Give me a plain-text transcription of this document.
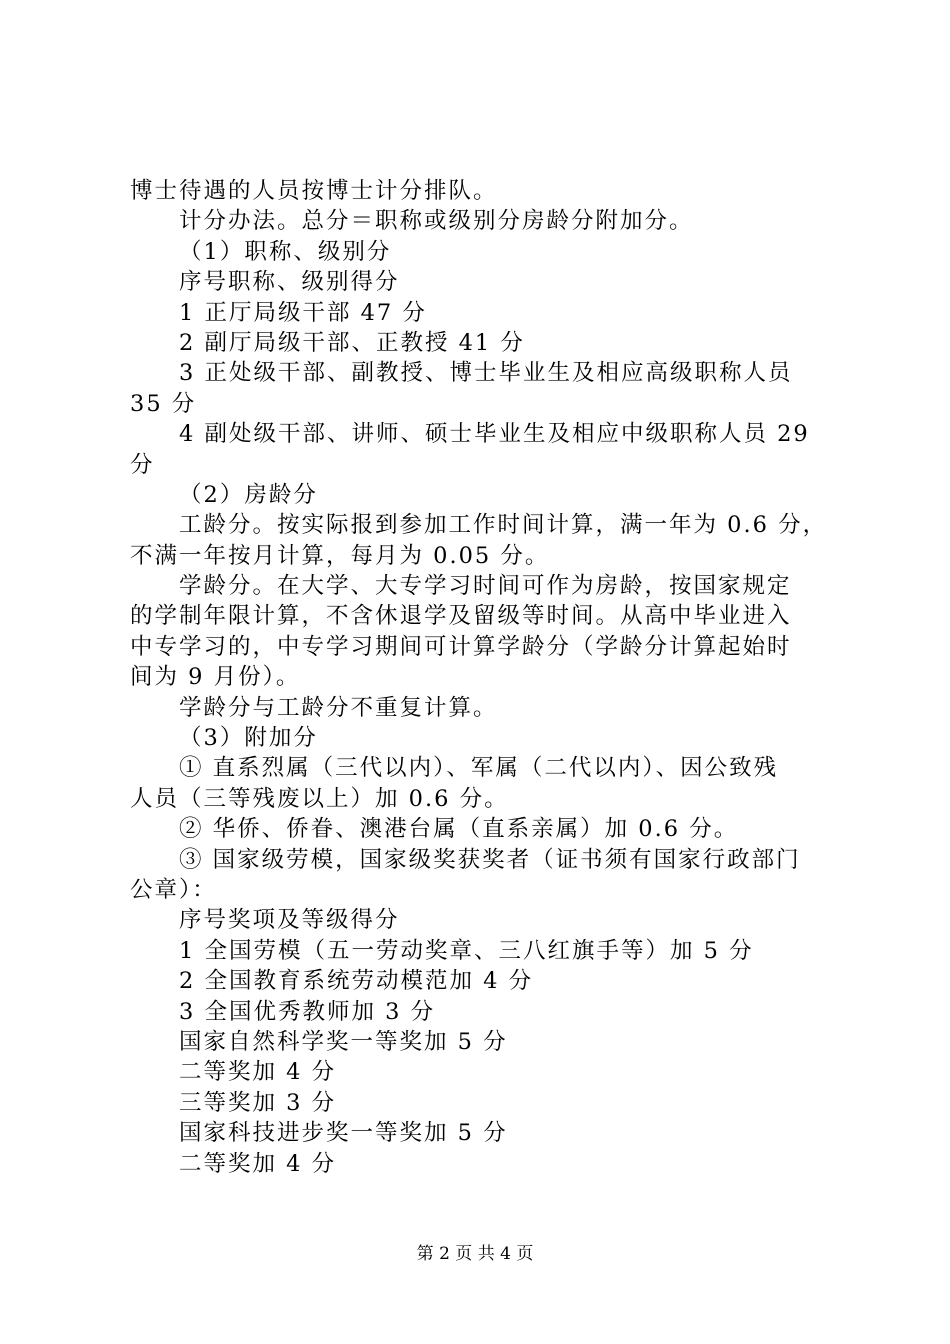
博士待遇的人员按博士计分排队。
计分办法。总分＝职称或级别分房龄分附加分。
（1）职称、级别分
序号职称、级别得分
1 正厅局级干部 47 分
2 副厅局级干部、正教授 41 分
3 正处级干部、副教授、博士毕业生及相应高级职称人员
35 分
4 副处级干部、讲师、硕士毕业生及相应中级职称人员 29
分
（2）房龄分
工龄分。按实际报到参加工作时间计算，满一年为 0.6 分，
不满一年按月计算，每月为 0.05 分。
学龄分。在大学、大专学习时间可作为房龄，按国家规定
的学制年限计算，不含休退学及留级等时间。从高中毕业进入
中专学习的，中专学习期间可计算学龄分（学龄分计算起始时
间为 9 月份）。
学龄分与工龄分不重复计算。
（3）附加分
① 直系烈属（三代以内）、军属（二代以内）、因公致残
人员（三等残废以上）加 0.6 分。
② 华侨、侨眷、澳港台属（直系亲属）加 0.6 分。
③ 国家级劳模，国家级奖获奖者（证书须有国家行政部门
公章）：
序号奖项及等级得分
1 全国劳模（五一劳动奖章、三八红旗手等）加 5 分
2 全国教育系统劳动模范加 4 分
3 全国优秀教师加 3 分
国家自然科学奖一等奖加 5 分
二等奖加 4 分
三等奖加 3 分
国家科技进步奖一等奖加 5 分
二等奖加 4 分
第 2 页 共 4 页
